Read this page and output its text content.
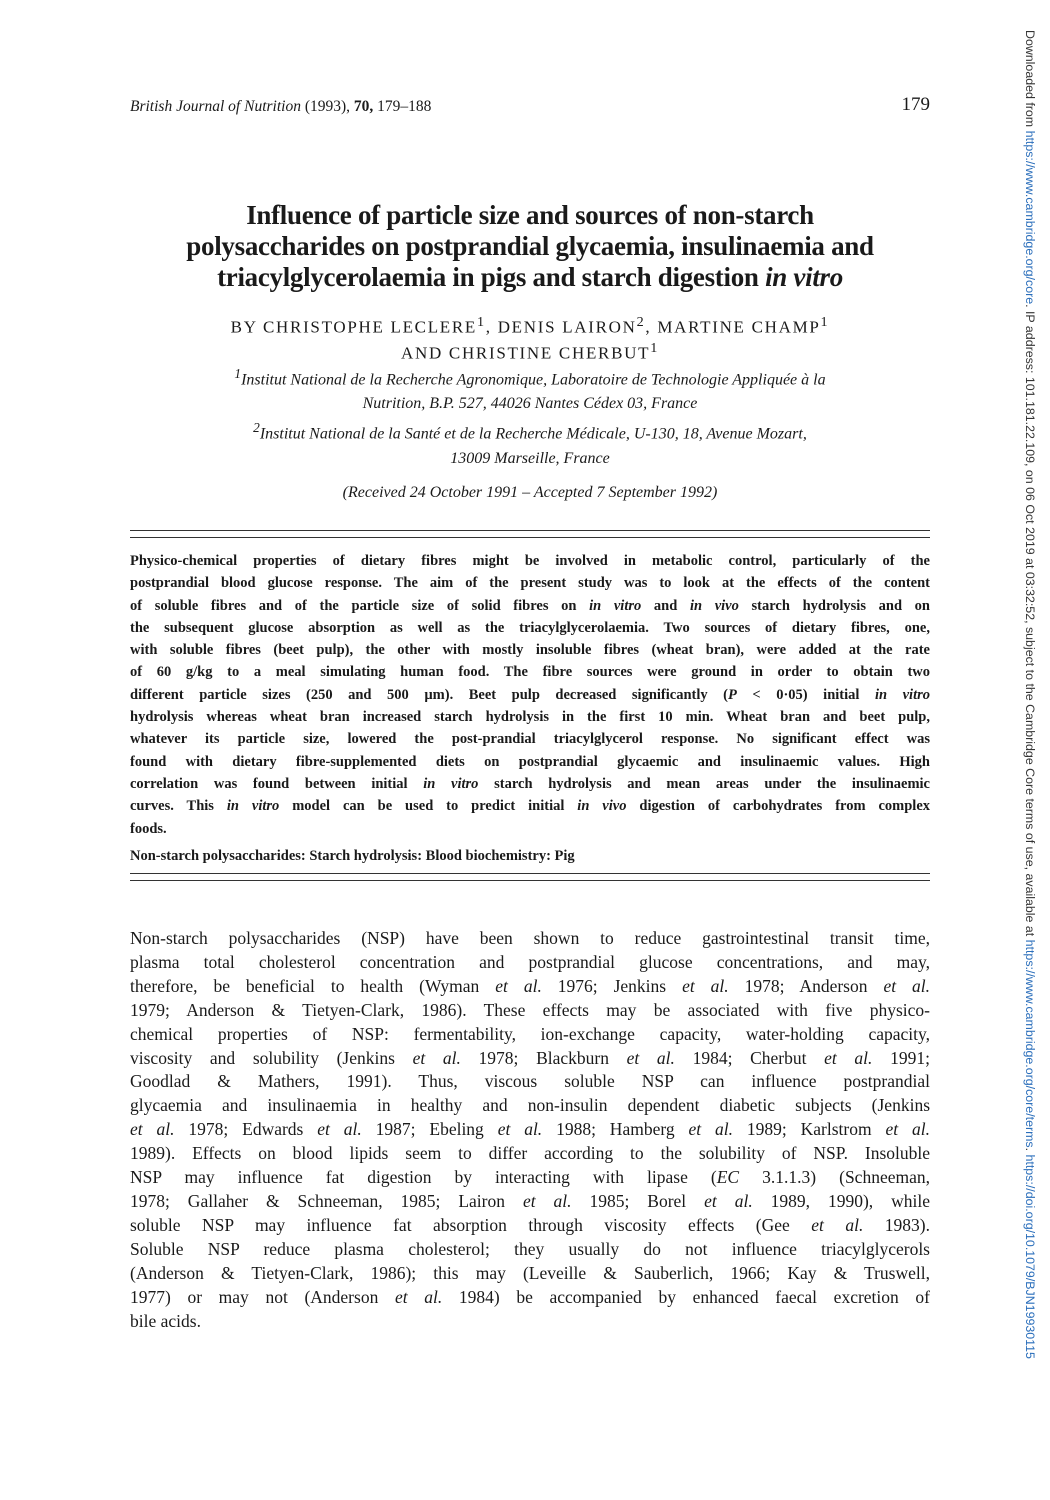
British Journal of Nutrition (1993), 70, 179–188	179
Influence of particle size and sources of non-starch
polysaccharides on postprandial glycaemia, insulinaemia and
triacylglycerolaemia in pigs and starch digestion in vitro
BY CHRISTOPHE LECLERE$^1$, DENIS LAIRON$^2$, MARTINE CHAMP$^1$
AND CHRISTINE CHERBUT$^1$
$^1$Institut National de la Recherche Agronomique, Laboratoire de Technologie Appliquée à la
Nutrition, B.P. 527, 44026 Nantes Cédex 03, France
$^2$Institut National de la Santé et de la Recherche Médicale, U-130, 18, Avenue Mozart,
13009 Marseille, France
(Received 24 October 1991 – Accepted 7 September 1992)
Physico-chemical properties of dietary fibres might be involved in metabolic control, particularly of the
postprandial blood glucose response. The aim of the present study was to look at the effects of the content
of soluble fibres and of the particle size of solid fibres on in vitro and in vivo starch hydrolysis and on
the subsequent glucose absorption as well as the triacylglycerolaemia. Two sources of dietary fibres, one,
with soluble fibres (beet pulp), the other with mostly insoluble fibres (wheat bran), were added at the rate
of 60 g/kg to a meal simulating human food. The fibre sources were ground in order to obtain two
different particle sizes (250 and 500 µm). Beet pulp decreased significantly (P < 0·05) initial in vitro
hydrolysis whereas wheat bran increased starch hydrolysis in the first 10 min. Wheat bran and beet pulp,
whatever its particle size, lowered the post-prandial triacylglycerol response. No significant effect was
found with dietary fibre-supplemented diets on postprandial glycaemic and insulinaemic values. High
correlation was found between initial in vitro starch hydrolysis and mean areas under the insulinaemic
curves. This in vitro model can be used to predict initial in vivo digestion of carbohydrates from complex
foods.
Non-starch polysaccharides: Starch hydrolysis: Blood biochemistry: Pig
Non-starch polysaccharides (NSP) have been shown to reduce gastrointestinal transit time,
plasma total cholesterol concentration and postprandial glucose concentrations, and may,
therefore, be beneficial to health (Wyman et al. 1976; Jenkins et al. 1978; Anderson et al.
1979; Anderson & Tietyen-Clark, 1986). These effects may be associated with five physico-
chemical properties of NSP: fermentability, ion-exchange capacity, water-holding capacity,
viscosity and solubility (Jenkins et al. 1978; Blackburn et al. 1984; Cherbut et al. 1991;
Goodlad & Mathers, 1991). Thus, viscous soluble NSP can influence postprandial
glycaemia and insulinaemia in healthy and non-insulin dependent diabetic subjects (Jenkins
et al. 1978; Edwards et al. 1987; Ebeling et al. 1988; Hamberg et al. 1989; Karlstrom et al.
1989). Effects on blood lipids seem to differ according to the solubility of NSP. Insoluble
NSP may influence fat digestion by interacting with lipase (EC 3.1.1.3) (Schneeman,
1978; Gallaher & Schneeman, 1985; Lairon et al. 1985; Borel et al. 1989, 1990), while
soluble NSP may influence fat absorption through viscosity effects (Gee et al. 1983).
Soluble NSP reduce plasma cholesterol; they usually do not influence triacylglycerols
(Anderson & Tietyen-Clark, 1986); this may (Leveille & Sauberlich, 1966; Kay & Truswell,
1977) or may not (Anderson et al. 1984) be accompanied by enhanced faecal excretion of
bile acids.
Downloaded from https://www.cambridge.org/core. IP address: 101.181.22.109, on 06 Oct 2019 at 03:32:52, subject to the Cambridge Core terms of use, available at https://www.cambridge.org/core/terms. https://doi.org/10.1079/BJN19930115
